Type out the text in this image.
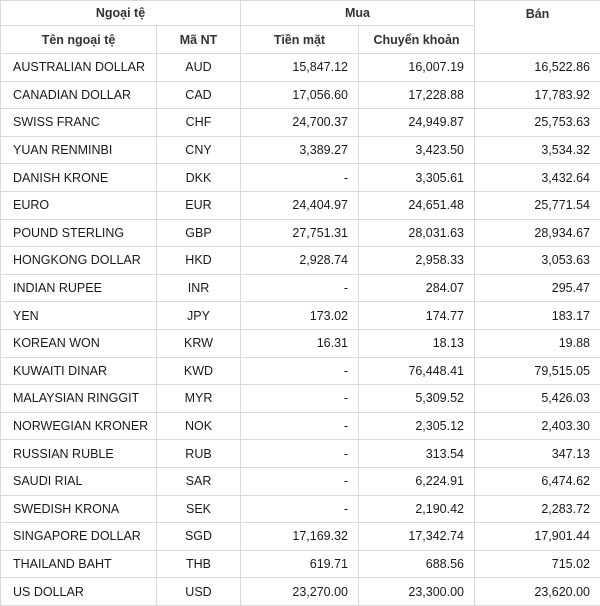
Ngoại tệ		Mua		Bán
Tên ngoại tệ	Mã NT	Tiền mặt	Chuyển khoản	
AUSTRALIAN DOLLAR	AUD	15,847.12	16,007.19	16,522.86
CANADIAN DOLLAR	CAD	17,056.60	17,228.88	17,783.92
SWISS FRANC	CHF	24,700.37	24,949.87	25,753.63
YUAN RENMINBI	CNY	3,389.27	3,423.50	3,534.32
DANISH KRONE	DKK	-	3,305.61	3,432.64
EURO	EUR	24,404.97	24,651.48	25,771.54
POUND STERLING	GBP	27,751.31	28,031.63	28,934.67
HONGKONG DOLLAR	HKD	2,928.74	2,958.33	3,053.63
INDIAN RUPEE	INR	-	284.07	295.47
YEN	JPY	173.02	174.77	183.17
KOREAN WON	KRW	16.31	18.13	19.88
KUWAITI DINAR	KWD	-	76,448.41	79,515.05
MALAYSIAN RINGGIT	MYR	-	5,309.52	5,426.03
NORWEGIAN KRONER	NOK	-	2,305.12	2,403.30
RUSSIAN RUBLE	RUB	-	313.54	347.13
SAUDI RIAL	SAR	-	6,224.91	6,474.62
SWEDISH KRONA	SEK	-	2,190.42	2,283.72
SINGAPORE DOLLAR	SGD	17,169.32	17,342.74	17,901.44
THAILAND BAHT	THB	619.71	688.56	715.02
US DOLLAR	USD	23,270.00	23,300.00	23,620.00
